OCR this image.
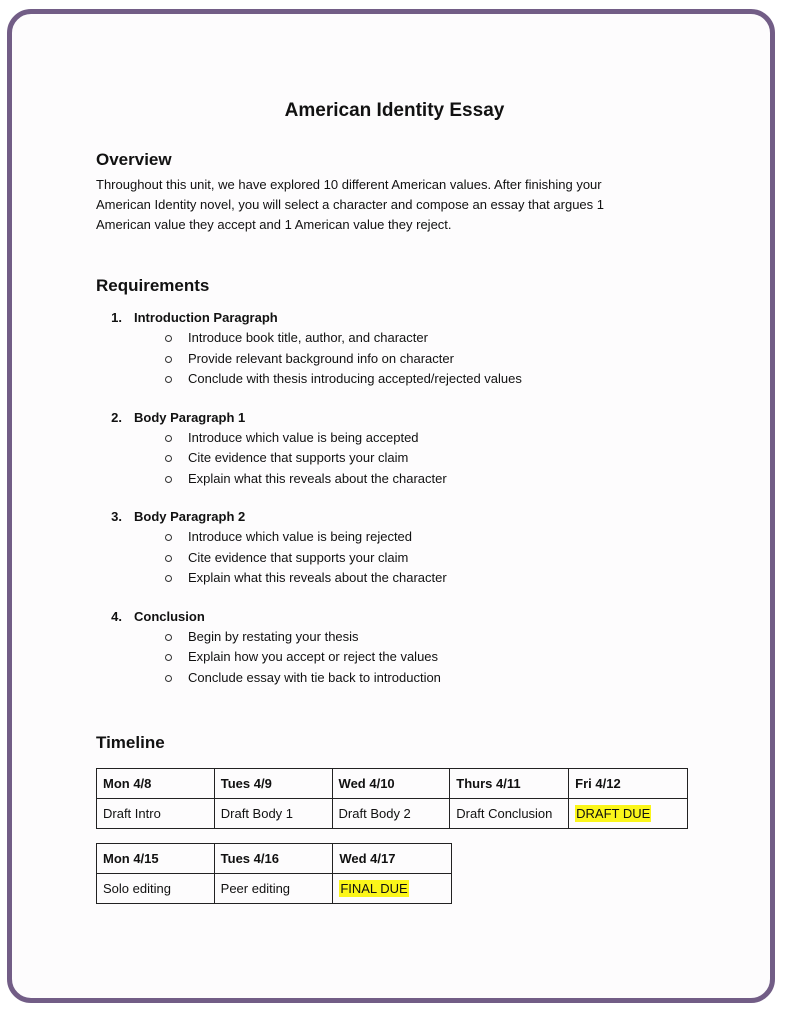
American Identity Essay
Overview
Throughout this unit, we have explored 10 different American values. After finishing your American Identity novel, you will select a character and compose an essay that argues 1 American value they accept and 1 American value they reject.
Requirements
1. Introduction Paragraph
Introduce book title, author, and character
Provide relevant background info on character
Conclude with thesis introducing accepted/rejected values
2. Body Paragraph 1
Introduce which value is being accepted
Cite evidence that supports your claim
Explain what this reveals about the character
3. Body Paragraph 2
Introduce which value is being rejected
Cite evidence that supports your claim
Explain what this reveals about the character
4. Conclusion
Begin by restating your thesis
Explain how you accept or reject the values
Conclude essay with tie back to introduction
Timeline
Mon 4/8	Tues 4/9	Wed 4/10	Thurs 4/11	Fri 4/12
Draft Intro	Draft Body 1	Draft Body 2	Draft Conclusion	DRAFT DUE
Mon 4/15	Tues 4/16	Wed 4/17
Solo editing	Peer editing	FINAL DUE
